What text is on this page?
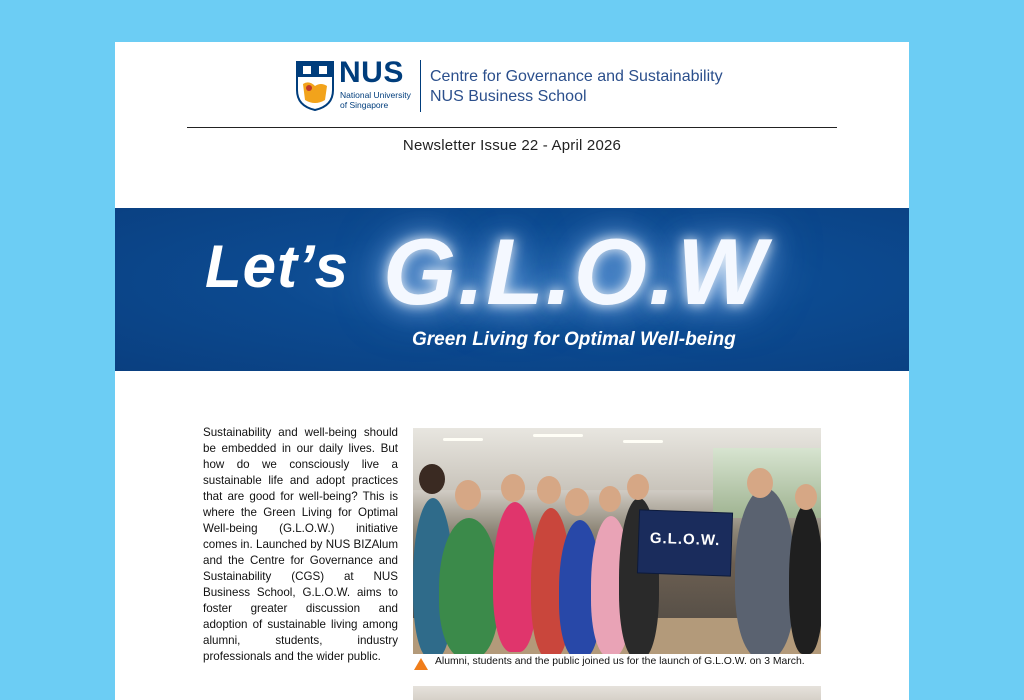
NUS
National University
of Singapore
Centre for Governance and Sustainability
NUS Business School
Newsletter Issue 22 - April 2026
Let’s G.L.O.W
Green Living for Optimal Well-being
Sustainability and well-being should be embedded in our daily lives. But how do we consciously live a sustainable life and adopt practices that are good for well-being? This is where the Green Living for Optimal Well-being (G.L.O.W.) initiative comes in. Launched by NUS BIZAlum and the Centre for Governance and Sustainability (CGS) at NUS Business School, G.L.O.W. aims to foster greater discussion and adoption of sustainable living among alumni, students, industry professionals and the wider public.
G.L.O.W.
Alumni, students and the public joined us for the launch of G.L.O.W. on 3 March.
